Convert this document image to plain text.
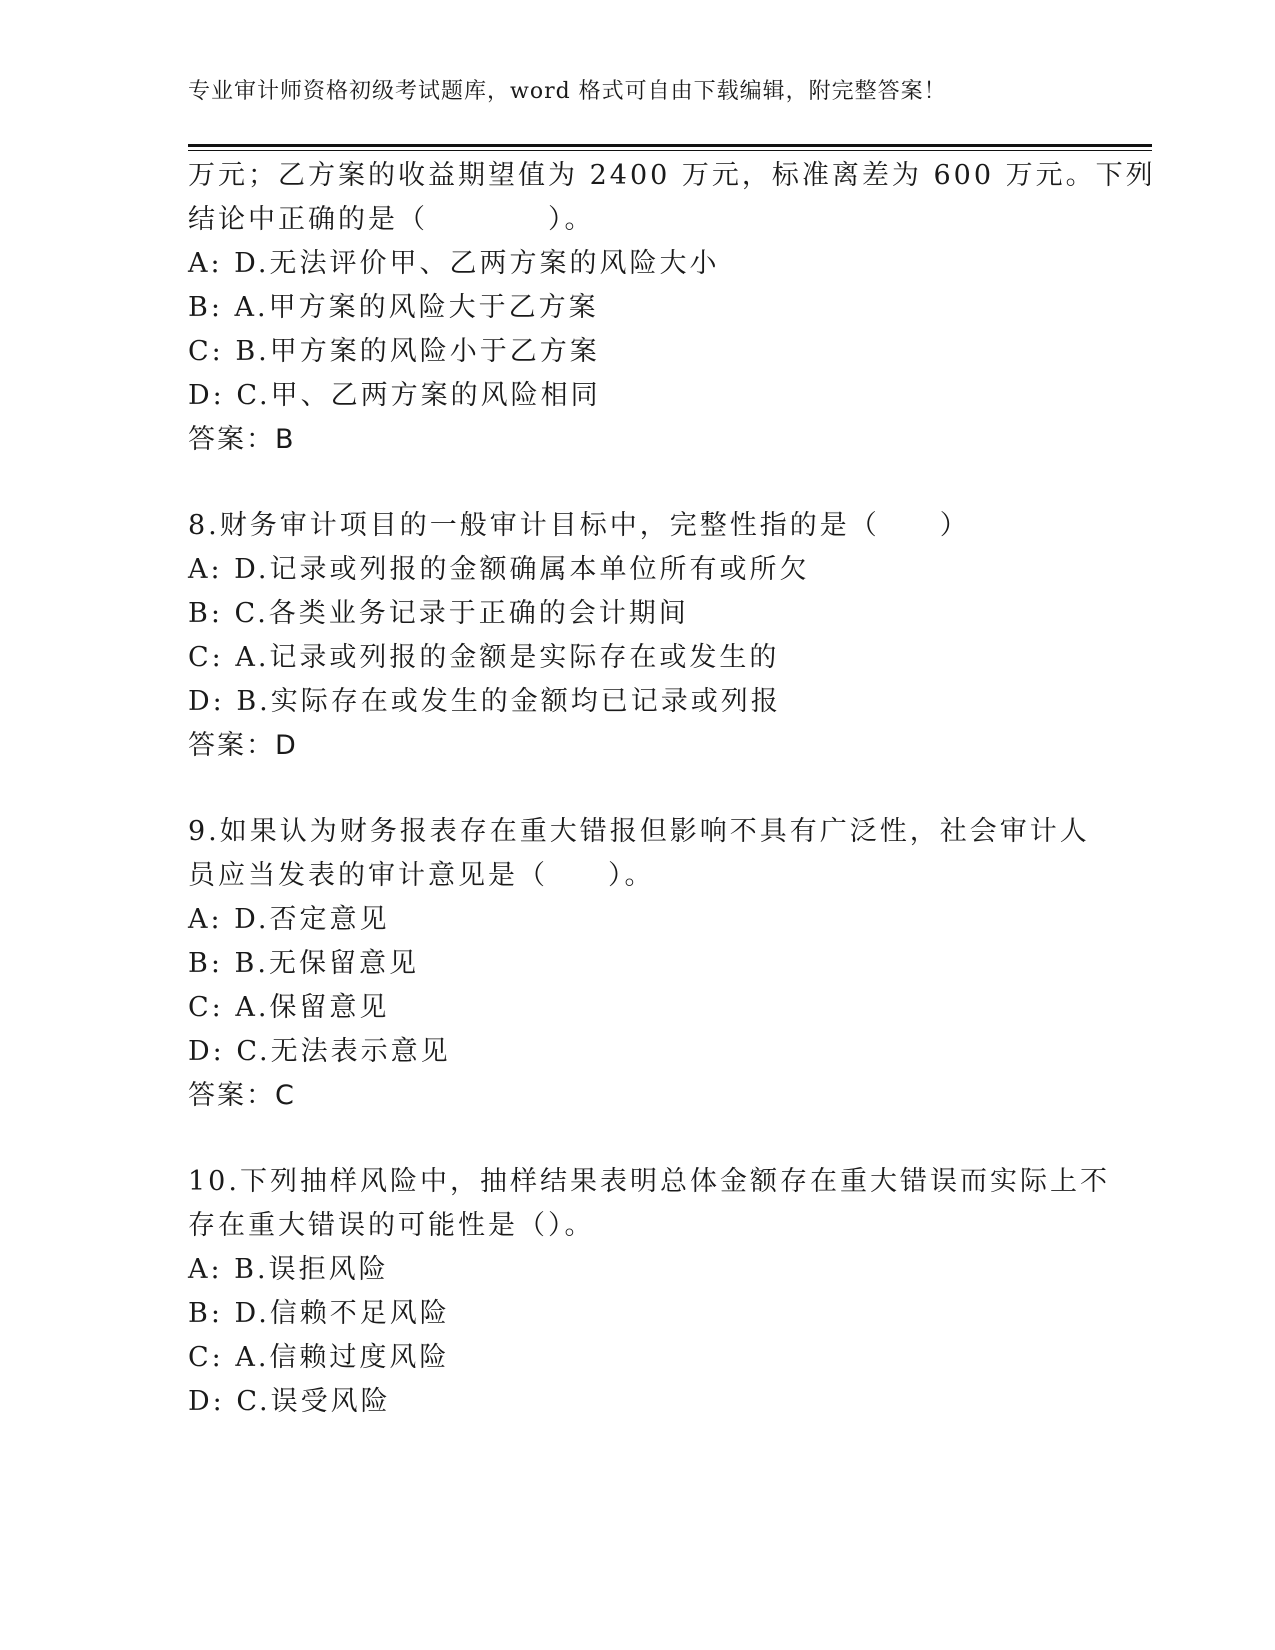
专业审计师资格初级考试题库，word 格式可自由下载编辑，附完整答案！
万元；乙方案的收益期望值为 2400 万元，标准离差为 600 万元。下列
结论中正确的是（　　　　）。
A: D.无法评价甲、乙两方案的风险大小
B: A.甲方案的风险大于乙方案
C: B.甲方案的风险小于乙方案
D: C.甲、乙两方案的风险相同
答案：B
8.财务审计项目的一般审计目标中，完整性指的是（　　）
A: D.记录或列报的金额确属本单位所有或所欠
B: C.各类业务记录于正确的会计期间
C: A.记录或列报的金额是实际存在或发生的
D: B.实际存在或发生的金额均已记录或列报
答案：D
9.如果认为财务报表存在重大错报但影响不具有广泛性，社会审计人
员应当发表的审计意见是（　　）。
A: D.否定意见
B: B.无保留意见
C: A.保留意见
D: C.无法表示意见
答案：C
10.下列抽样风险中，抽样结果表明总体金额存在重大错误而实际上不
存在重大错误的可能性是（）。
A: B.误拒风险
B: D.信赖不足风险
C: A.信赖过度风险
D: C.误受风险
